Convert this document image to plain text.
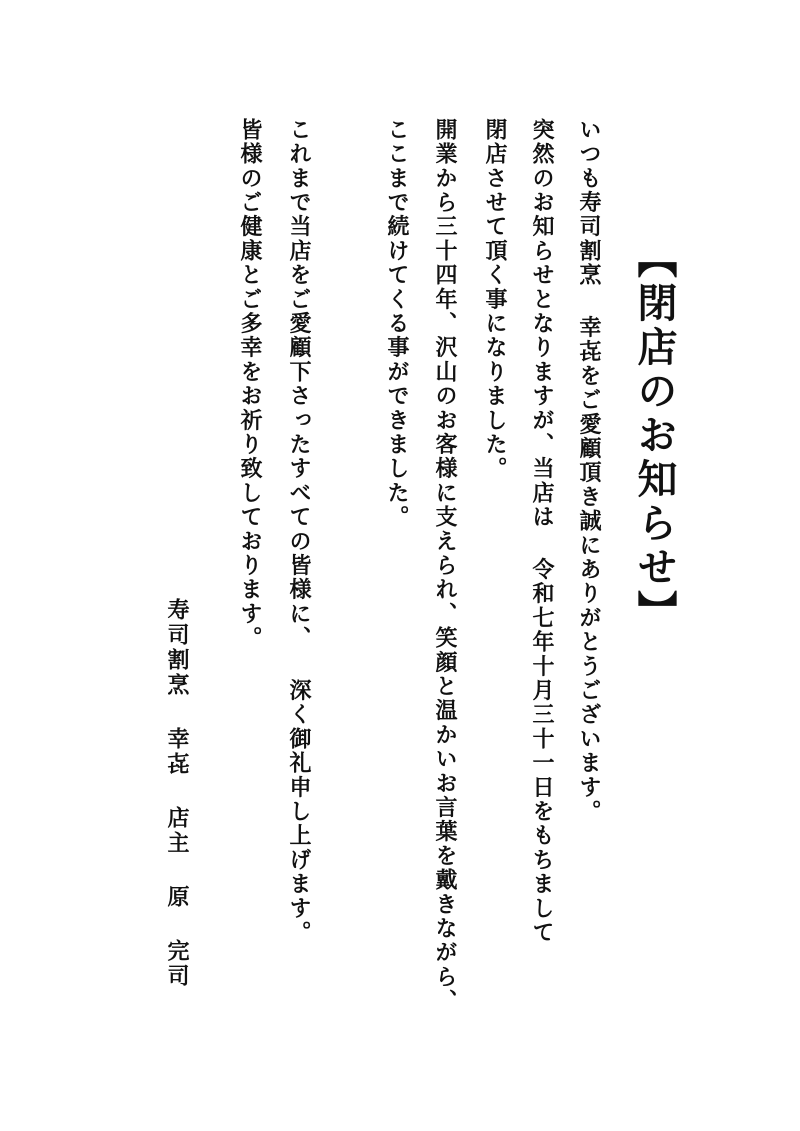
【閉店のお知らせ】
いつも寿司割烹 幸㐂をご愛顧頂き誠にありがとうございます。
突然のお知らせとなりますが、当店は 令和七年十月三十一日をもちまして
閉店させて頂く事になりました。
開業から三十四年、沢山のお客様に支えられ、笑顔と温かいお言葉を戴きながら、
ここまで続けてくる事ができました。
これまで当店をご愛顧下さったすべての皆様に、 深く御礼申し上げます。
皆様のご健康とご多幸をお祈り致しております。
寿司割烹 幸㐂 店主 原 完司
